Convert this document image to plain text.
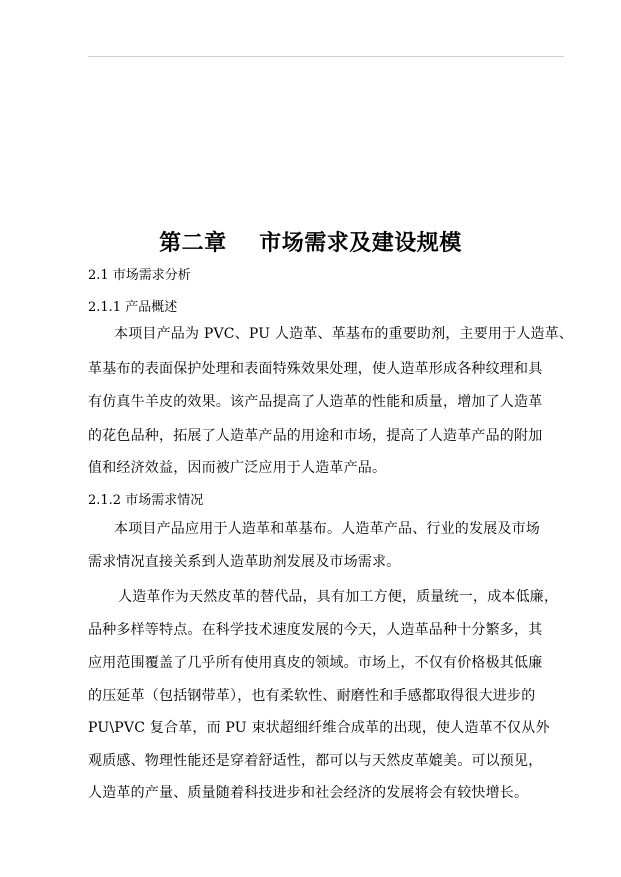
第二章    市场需求及建设规模
2.1 市场需求分析
2.1.1 产品概述
本项目产品为 PVC、PU 人造革、革基布的重要助剂，主要用于人造革、
革基布的表面保护处理和表面特殊效果处理，使人造革形成各种纹理和具
有仿真牛羊皮的效果。该产品提高了人造革的性能和质量，增加了人造革
的花色品种，拓展了人造革产品的用途和市场，提高了人造革产品的附加
值和经济效益，因而被广泛应用于人造革产品。
2.1.2 市场需求情况
本项目产品应用于人造革和革基布。人造革产品、行业的发展及市场
需求情况直接关系到人造革助剂发展及市场需求。
人造革作为天然皮革的替代品，具有加工方便，质量统一，成本低廉，
品种多样等特点。在科学技术速度发展的今天，人造革品种十分繁多，其
应用范围覆盖了几乎所有使用真皮的领域。市场上，不仅有价格极其低廉
的压延革（包括钢带革），也有柔软性、耐磨性和手感都取得很大进步的
PU\PVC 复合革，而 PU 束状超细纤维合成革的出现，使人造革不仅从外
观质感、物理性能还是穿着舒适性，都可以与天然皮革媲美。可以预见，
人造革的产量、质量随着科技进步和社会经济的发展将会有较快增长。
